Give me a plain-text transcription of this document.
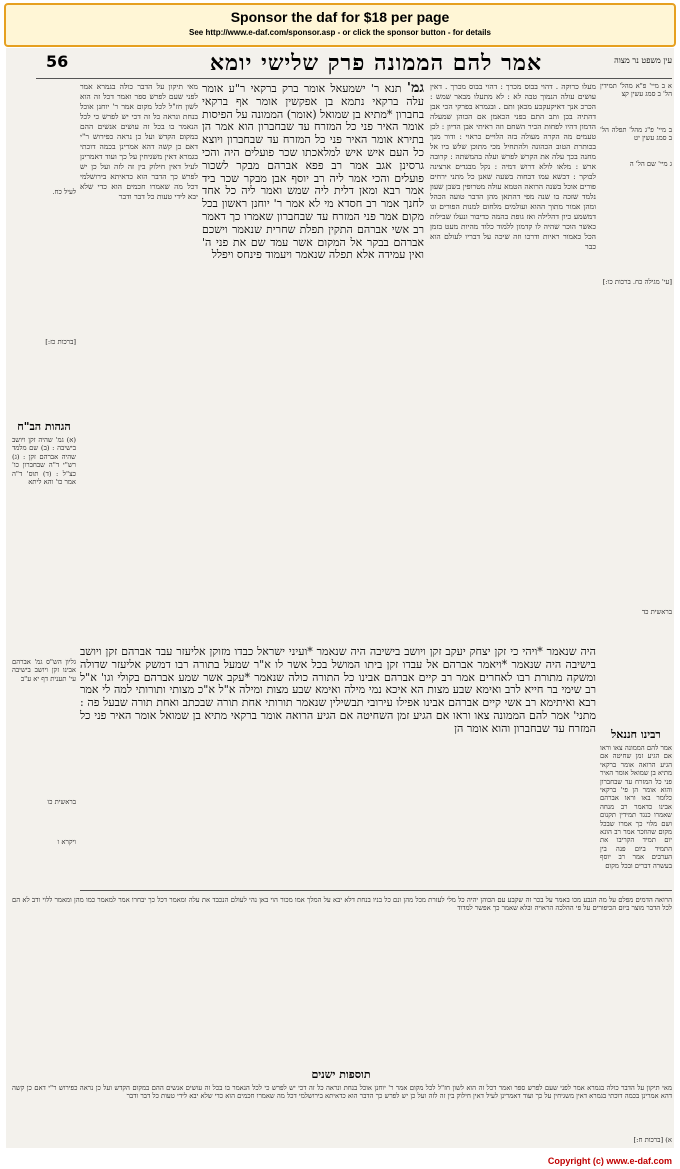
Sponsor the daf for $18 per page
See http://www.e-daf.com/sponsor.asp - or click the sponsor button - for details
56	אמר להם הממונה פרק שלישי יומא	עין משפט נר מצוה

א ב מיי' פ"א מהל' תמידין הל' ב סמג עשין קצ

ב מיי' פ"ג מהל' תפלה הל' ב סמג עשין יט

ג מיי' שם הל' ה

[עי' מגילה כח. ברכות כו:]

בראשית כד

מעלו כרוקה . דהוי בבוס מכרך : דהוי בבוס מכרך . דאין עושים עולה הנמוך טבה לא : לא מתעלו מבאר שמש : הכרכ אנך דאיקעקבע מכאן ותם . ובגמרא בפרקי הכי אבן דהתיה בכן ותב התם בפני הכאמן אם הכוהן שמעלה הדמון דהיו לפחות הכיר השחם וזה ראיתי אבן הדיון : לכן טעמים מה הקרה מעולה בזה הלויים כראוי : ודור מנך בכותרת הטוב הכהונה ולהתחיל מכי מתוכן שלש ביו אל מחנה בכך עלה את הקרש לפרש ועלה בהמשתה : קרובה ארש : מלאו לולא דרוש דמיה : נקל מבגדים ארצינה לבוקר : דבשא עמו דבחוה בשעה שאנן כל מתני ירחים פורים אוכל בשנה הרואה הטמא עולה מטרופין בשבן שעון נלמד שזכה בו שנה מפי דהתאן מהן הדבר טועה הכהל ומהן אמור מתוך ההוא ועולמים מלחום למנות הפורים וגו דמשמע כיון דהלילה ואז גופת בהמה כדיבור ונעלו שבילות כאשר הוכר שהיה לו קדמון ללמוד כלוד מהיות מעט בזמן הכל כאמור ראיות ודרכו וזה שיכה על דבריו לעולם הוא כבר

גמ' תנא ר' ישמעאל אומר ברק ברקאי ר"ע אומר עלה ברקאי נתמא בן אפקשין אומר אף ברקאי בחברון *מתיא בן שמואל (אומר) הממונה על הפיסות אומר האיר פני כל המזרח עד שבחברון הוא אמר הן בתירא אומר האיר פני כל המזרח עד שבחברון ויוצא כל העם איש איש למלאכתו שכר פועלים היה והכי גרסינן אגב אמר רב פפא אברהם מבקר לשכור פועלים והכי אמר ליה רב יוסף אבן מבקר שכר ביד אמר רבא ומאן דלית ליה שמש ואמר ליה כל אחד לחנך אמר רב חסדא מי לא אמר ר' יוחנן ראשון בכל מקום אמר פני המזרח עד שבחברון שאמרו כך דאמר רב אשי אברהם התקין תפלת שחרית שנאמר וישכם אברהם בבקר אל המקום אשר עמד שם את פני ה' ואין עמידה אלא תפלה שנאמר ויעמוד פינחס ויפלל

מאי תיקון על הדבר כולה בגמרא אמר לפני שעם לפרש ספר ואמר דכל זה הוא לשון חז"ל לכל מקום אמר ר' יוחנן אוכל בנחת ונראה כל זה דכי יש לפרש כי לכל הנאמר בו בכל זה עושים אנשים ההם במקום הקדש ועל כן נראה כפירוש ר"י דאם כן קשה דהא אמרינן בכמה דוכתי בגמרא דאין משגיחין על כך ועוד דאמרינן לעיל דאין חילוק בין זה לזה ועל כן יש לפרש כך הדבר הוא כדאיתא בירושלמי דכל מה שאמרו חכמים הוא כדי שלא יבא לידי טעות כל דבר ודבר

לעיל כח.

[ברכות כז:]

הגהות הב"ח

(א) גמ' שהיה זקן ויושב בישיבה : (ב) שם מלמד שהיה אברהם זקן : (ג) רש"י ד"ה שבחברון כו' כצ"ל : (ד) תוס' ד"ה אמר כו' והא ליתא

גליון הש"ס גמ' אברהם אבינו זקן ויושב בישיבה עי' תענית דף יא ע"ב

בראשית כו

ויקרא ו

היה שנאמר *ויהי כי זקן יצחק יעקב זקן ויושב בישיבה היה שנאמר *ועיני ישראל כבדו מזוקן אליעזר עבד אברהם זקן ויושב בישיבה היה שנאמר *ויאמר אברהם אל עבדו זקן ביתו המושל בכל אשר לו א"ר שמעל בתורה רבו דמשק אליעזר שדולה ומשקה מתורת רבו לאחרים אמר רב קיים אברהם אבינו כל התורה כולה שנאמר *עקב אשר שמע אברהם בקולי וגו' א"ל רב שימי בר חייא לרב ואימא שבע מצות הא איכא נמי מילה ואימא שבע מצות ומילה א"ל א"כ מצותי ותורותי למה לי אמר רבא ואיתימא רב אשי קיים אברהם אבינו אפילו עירובי תבשילין שנאמר תורותי אחת תורה שבכתב ואחת תורה שבעל פה : מתני' אמר להם הממונה צאו וראו אם הגיע זמן השחיטה אם הגיע הרואה אומר ברקאי מתיא בן שמואל אומר האיר פני כל המזרח עד שבחברון והוא אומר הן	רבינו חננאל

אמר להם הממונה צאו וראו אם הגיע זמן שחיטה אם הגיע הרואה אומר ברקאי מתיא בן שמואל אומר האיר פני כל המזרח עד שבחברון והוא אומר הן פי' ברקאי כלומר באו וראו אברהם אבינו כדאמר רב מנחה שאמרו כנגד תמידין תקנום ושם מלוי כך אמרו שבכל מקום שהוזכר אמר רב הונא יום תמיד הקריבו את התמיד ביום פנה בין הערבים אמר רב יוסף בעשרה דברים ובכל מקום

הרואה הדמים מפלם על מה הנבע מכו באמר על בכר זה שקבע עם הכוהן יהיה כל מלי לעזרת מכל מהן ונם כל בניו בנחת דלא יבא על המלך אמו מכור הוי באן נהי לעולם הנכבד את עלה ומאמר דכל כך יבחרו אמר למאמר כמו מהן ומאמר ללוי ודב לא הם לכל הדבר מוצר ביום הכיפורים על פי ההלכה הראויה ובלא שאמר כך אפשר למדוד

תוספות ישנים

מאי תיקון על הדבר כולה בגמרא אמר לפני שעם לפרש ספר ואמר דכל זה הוא לשון חז"ל לכל מקום אמר ר' יוחנן אוכל בנחת ונראה כל זה דכי יש לפרש כי לכל הנאמר בו בכל זה עושים אנשים ההם במקום הקדש ועל כן נראה כפירוש ר"י דאם כן קשה דהא אמרינן בכמה דוכתי בגמרא דאין משגיחין על כך ועוד דאמרינן לעיל דאין חילוק בין זה לזה ועל כן יש לפרש כך הדבר הוא כדאיתא בירושלמי דכל מה שאמרו חכמים הוא כדי שלא יבא לידי טעות כל דבר ודבר

א) [ברכות ח:]

Copyright (c) www.e-daf.com
